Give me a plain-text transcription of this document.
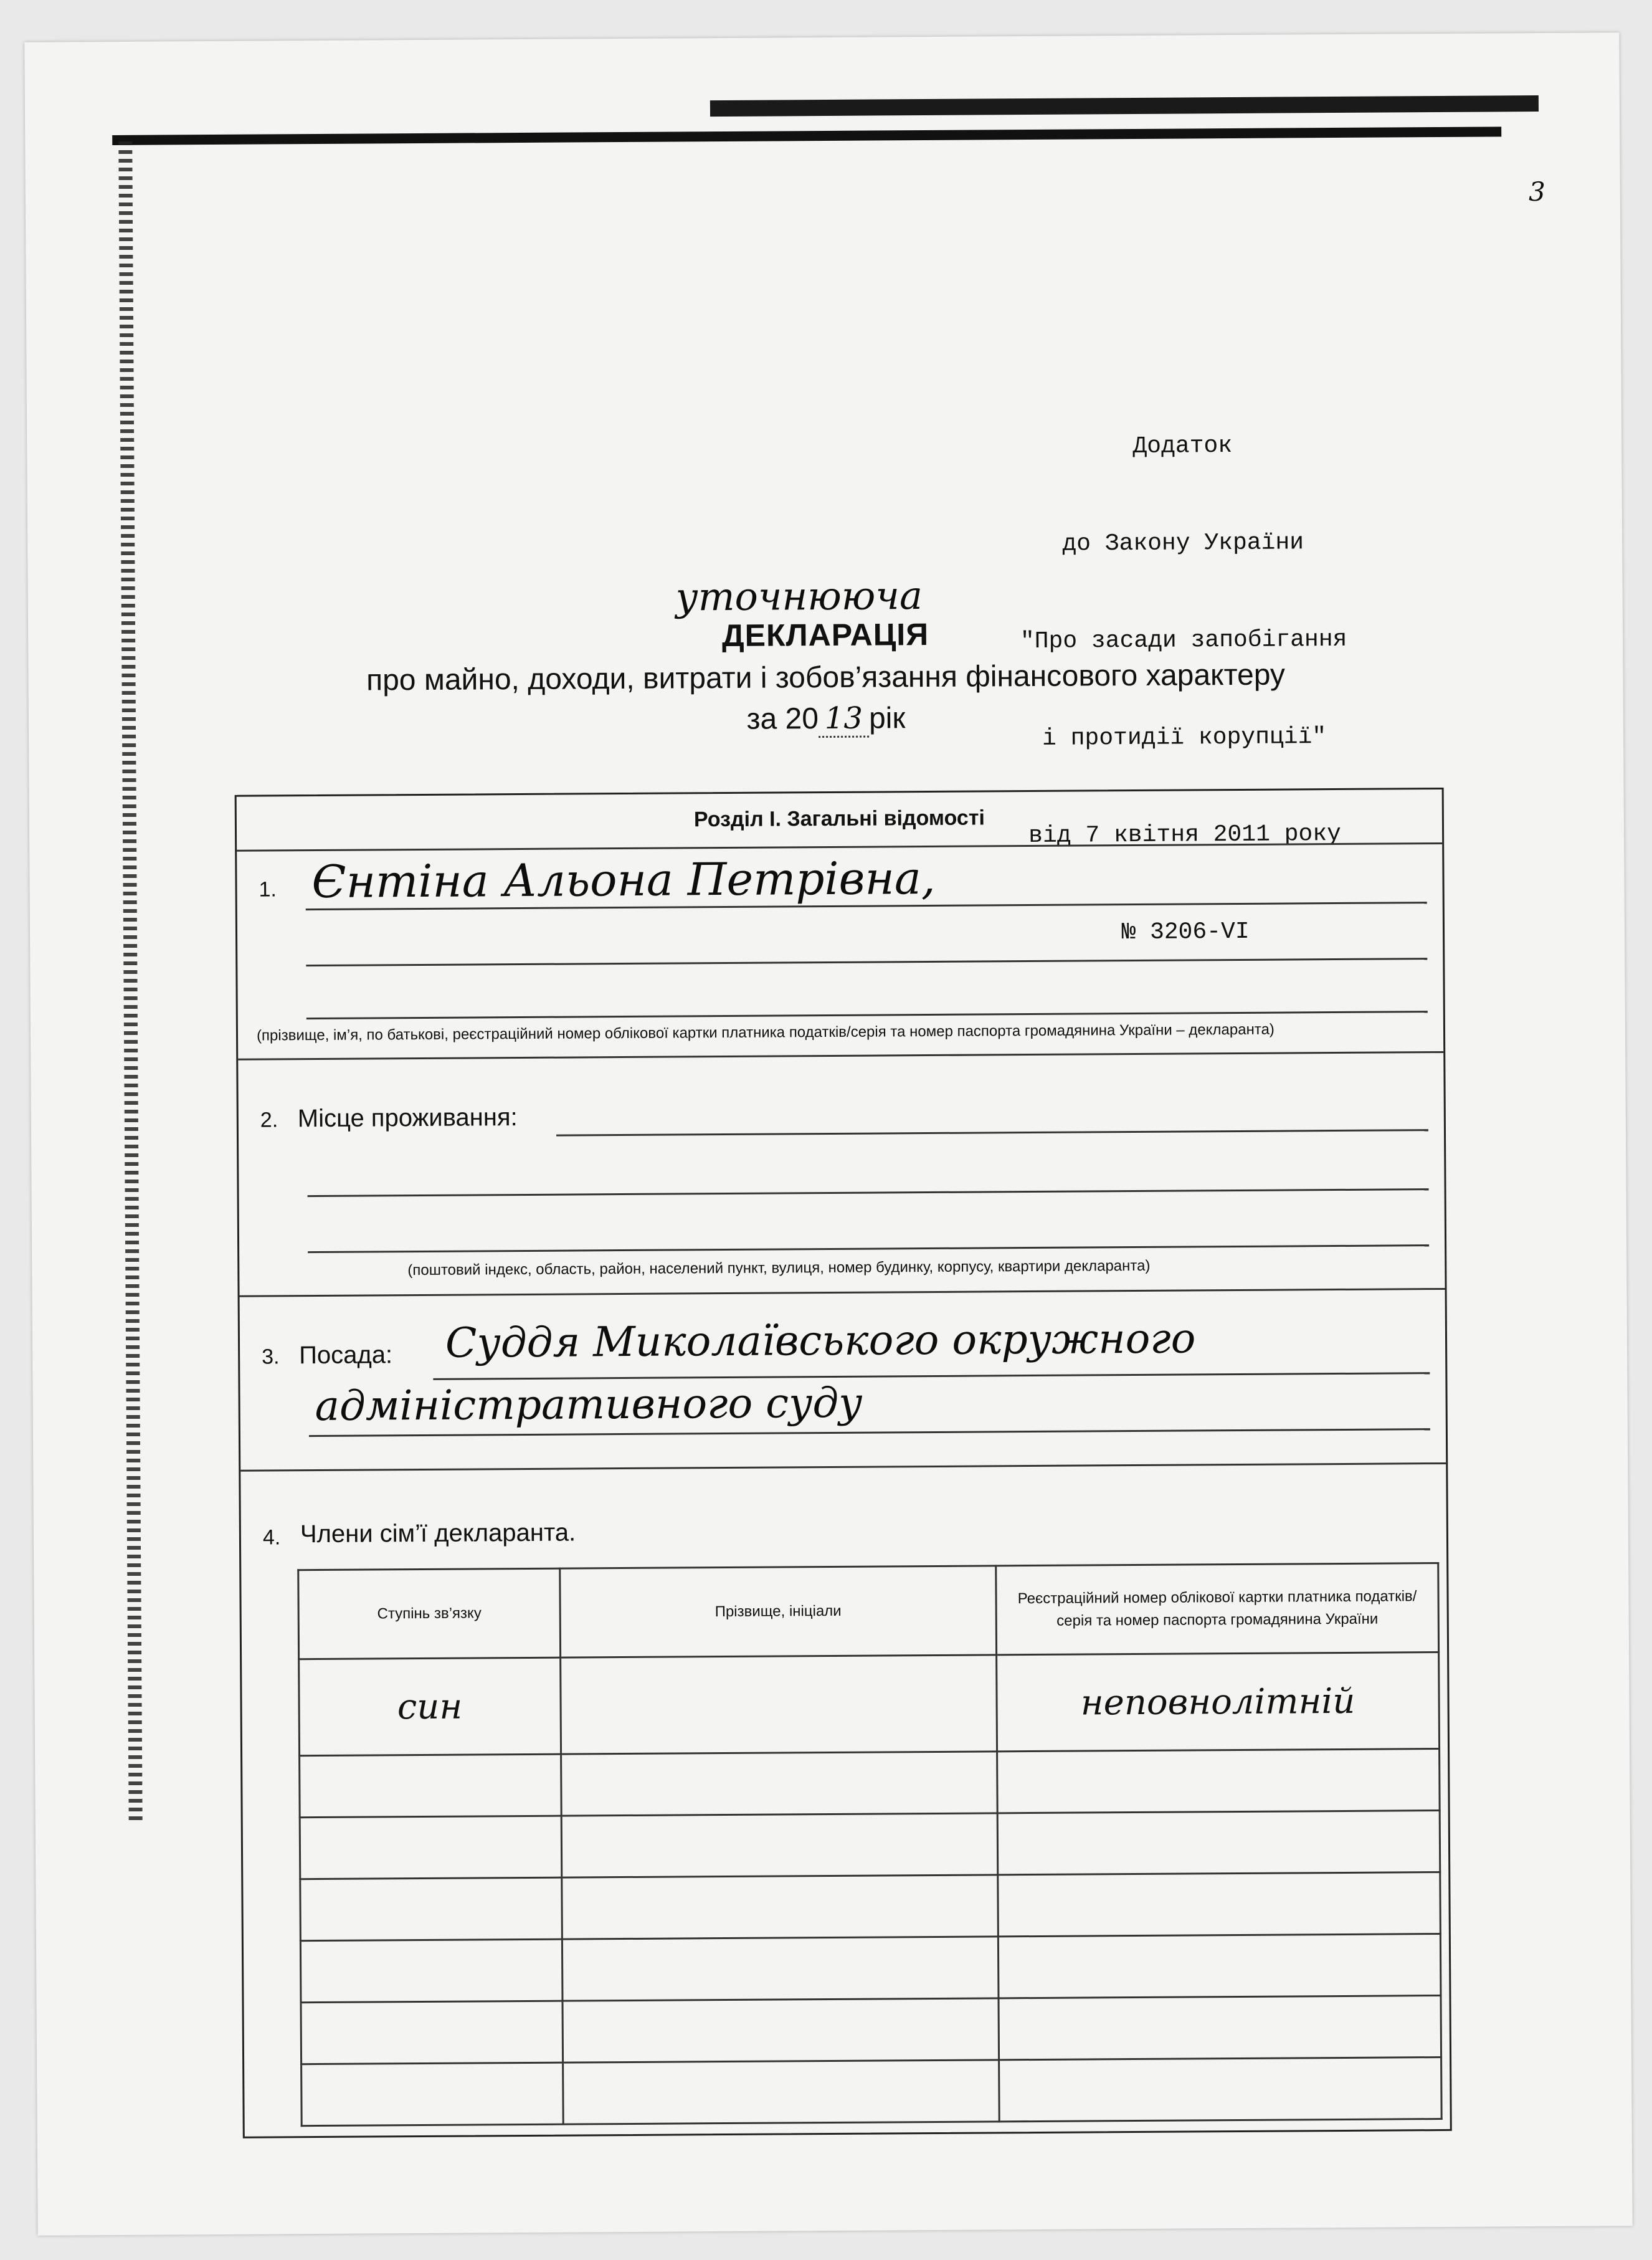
3

Додаток

до Закону України

"Про засади запобігання

і протидії корупції"

від 7 квітня 2011 року

№ 3206-VI

уточнююча
ДЕКЛАРАЦІЯ
про майно, доходи, витрати і зобов’язання фінансового характеру
за 20 13 рік
Розділ І. Загальні відомості
1. Єнтіна Альона Петрівна,
(прізвище, ім’я, по батькові, реєстраційний номер облікової картки платника податків/серія та номер паспорта громадянина України – декларанта)
2. Місце проживання:
(поштовий індекс, область, район, населений пункт, вулиця, номер будинку, корпусу, квартири декларанта)
3. Посада: Суддя Миколаївського окружного
адміністративного суду
4. Члени сім’ї декларанта.
Ступінь зв’язку	Прізвище, ініціали	Реєстраційний номер облікової картки платника податків/ серія та номер паспорта громадянина України
син		неповнолітній
